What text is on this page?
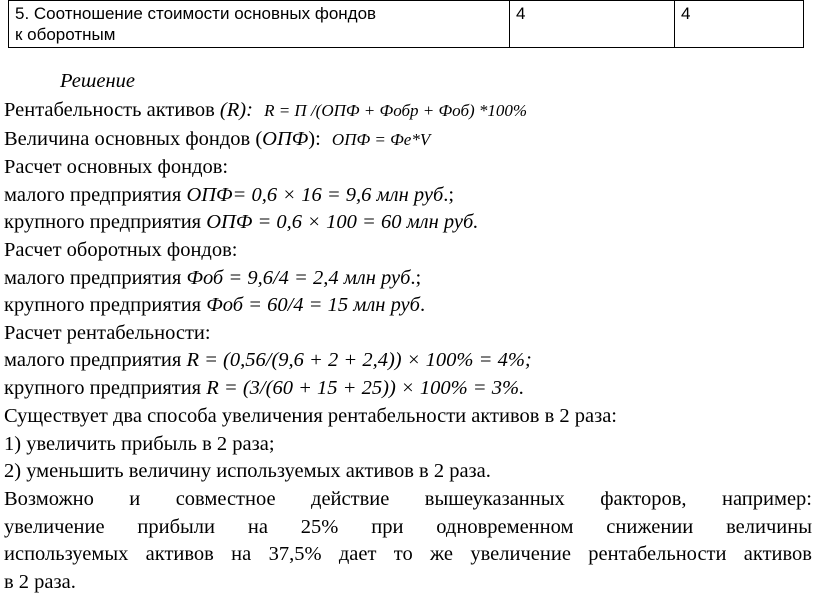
5. Соотношение стоимости основных фондов
к оборотным
	4	4
Решение
Рентабельность активов (R): R = П /(ОПФ + Фобр + Фоб) *100%
Величина основных фондов (ОПФ): ОПФ = Фе*V
Расчет основных фондов:
малого предприятия ОПФ= 0,6 × 16 = 9,6 млн руб.;
крупного предприятия ОПФ = 0,6 × 100 = 60 млн руб.
Расчет оборотных фондов:
малого предприятия Фоб = 9,6/4 = 2,4 млн руб.;
крупного предприятия Фоб = 60/4 = 15 млн руб.
Расчет рентабельности:
малого предприятия R = (0,56/(9,6 + 2 + 2,4)) × 100% = 4%;
крупного предприятия R = (3/(60 + 15 + 25)) × 100% = 3%.
Существует два способа увеличения рентабельности активов в 2 раза:
1) увеличить прибыль в 2 раза;
2) уменьшить величину используемых активов в 2 раза.
Возможно и совместное действие вышеуказанных факторов, например:
увеличение прибыли на 25% при одновременном снижении величины
используемых активов на 37,5% дает то же увеличение рентабельности активов
в 2 раза.
